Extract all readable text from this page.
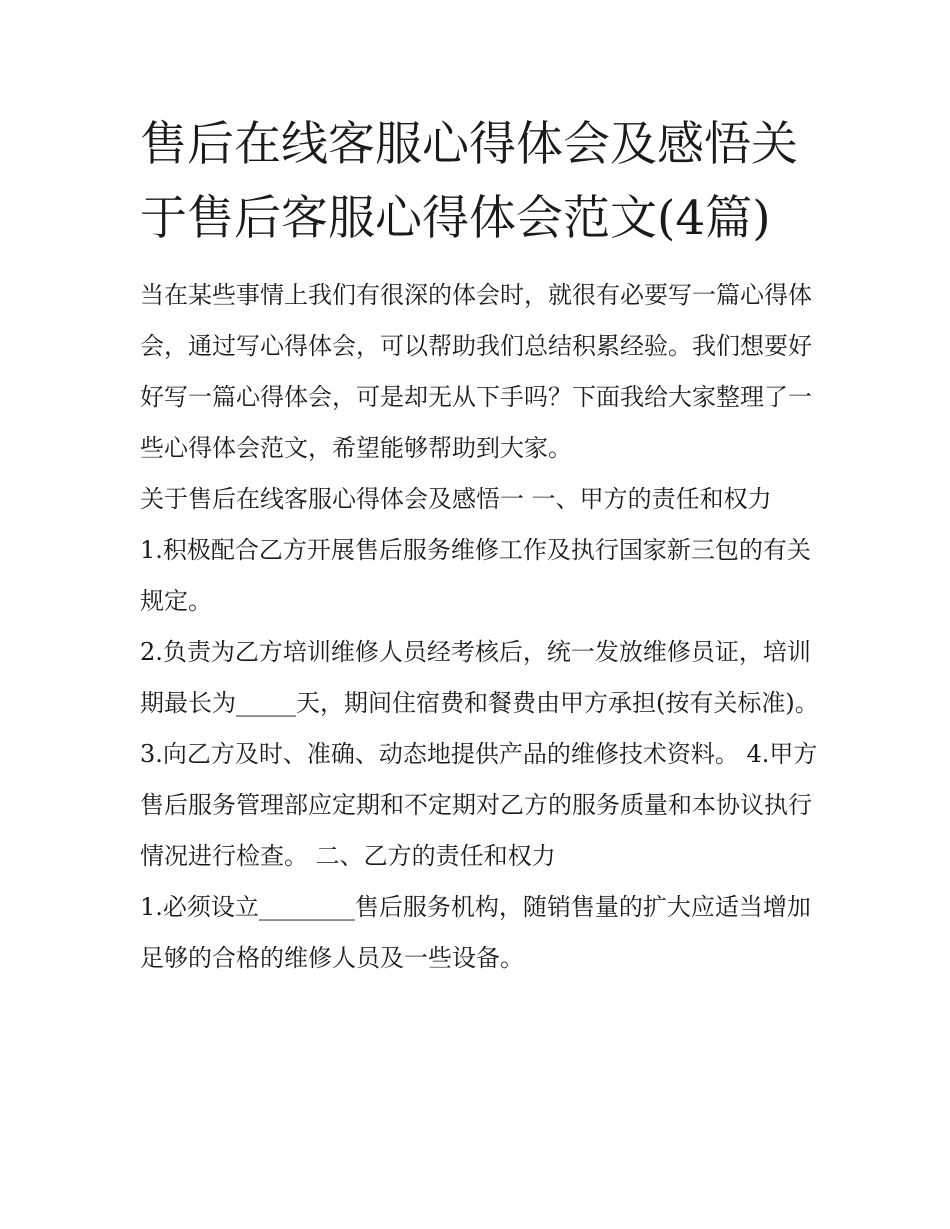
售后在线客服心得体会及感悟关于售后客服心得体会范文(4篇)

当在某些事情上我们有很深的体会时，就很有必要写一篇心得体会，通过写心得体会，可以帮助我们总结积累经验。我们想要好好写一篇心得体会，可是却无从下手吗？下面我给大家整理了一些心得体会范文，希望能够帮助到大家。

关于售后在线客服心得体会及感悟一 一、甲方的责任和权力

1.积极配合乙方开展售后服务维修工作及执行国家新三包的有关规定。

2.负责为乙方培训维修人员经考核后，统一发放维修员证，培训期最长为_____天，期间住宿费和餐费由甲方承担(按有关标准)。

3.向乙方及时、准确、动态地提供产品的维修技术资料。 4.甲方售后服务管理部应定期和不定期对乙方的服务质量和本协议执行情况进行检查。 二、乙方的责任和权力

1.必须设立________售后服务机构，随销售量的扩大应适当增加足够的合格的维修人员及一些设备。
